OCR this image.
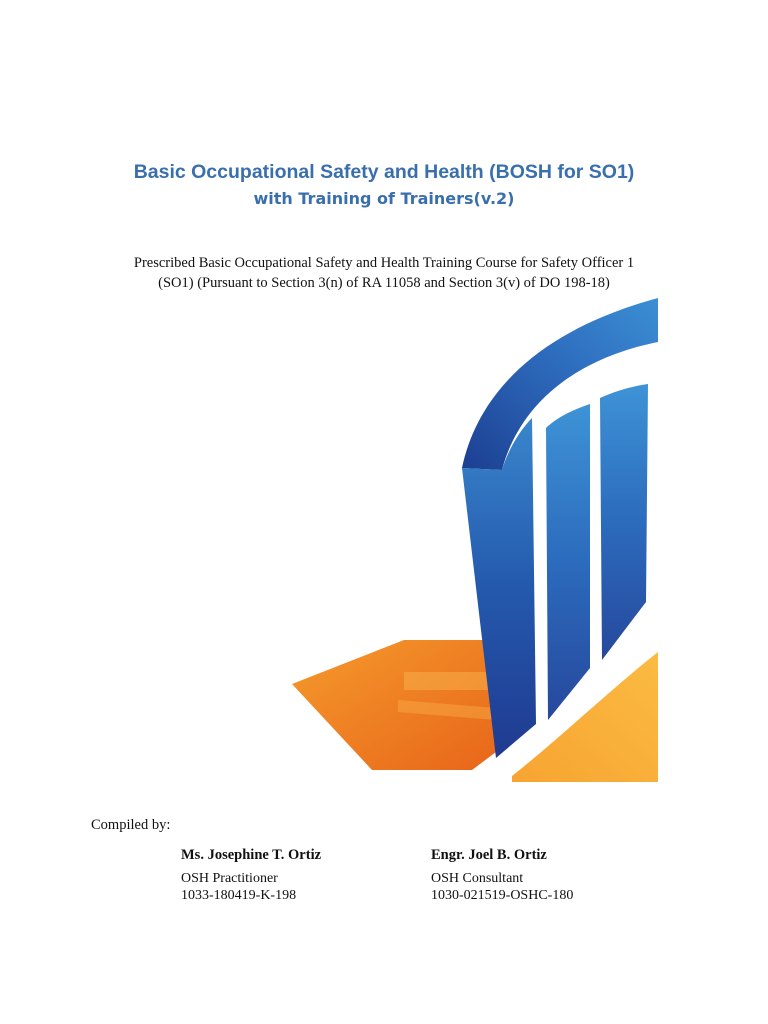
Basic Occupational Safety and Health (BOSH for SO1)
with Training of Trainers(v.2)
Prescribed Basic Occupational Safety and Health Training Course for Safety Officer 1
(SO1) (Pursuant to Section 3(n) of RA 11058 and Section 3(v) of DO 198-18)
Compiled by:
Ms. Josephine T. Ortiz
OSH Practitioner
1033-180419-K-198
Engr. Joel B. Ortiz
OSH Consultant
1030-021519-OSHC-180
